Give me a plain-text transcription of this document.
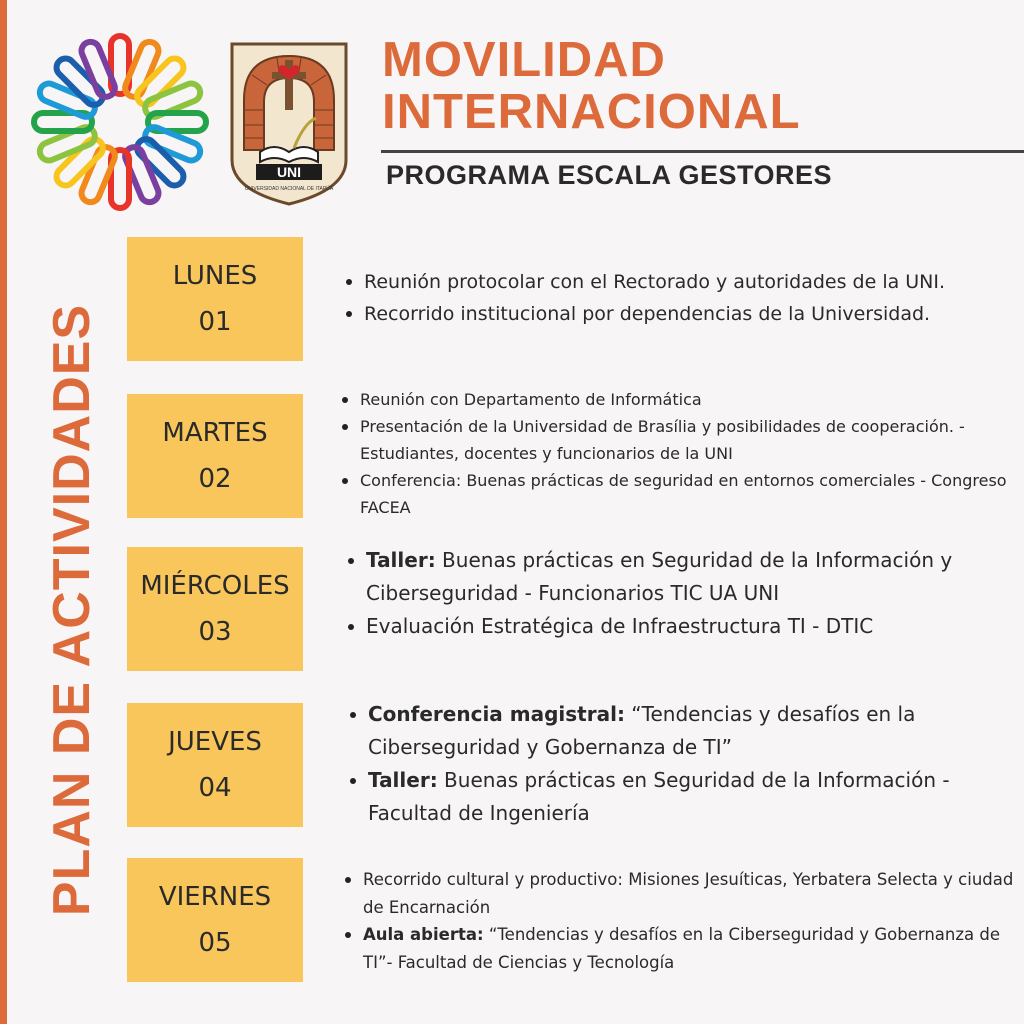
PLAN DE ACTIVIDADES
UNI
UNIVERSIDAD NACIONAL DE ITAPÚA
MOVILIDAD
INTERNACIONAL
PROGRAMA ESCALA GESTORES
LUNES
01
MARTES
02
MIÉRCOLES
03
JUEVES
04
VIERNES
05
Reunión protocolar con el Rectorado y autoridades de la UNI.
Recorrido institucional por dependencias de la Universidad.
Reunión con Departamento de Informática
Presentación de la Universidad de Brasília y posibilidades de cooperación. - Estudiantes, docentes y funcionarios de la UNI
Conferencia: Buenas prácticas de seguridad en entornos comerciales - Congreso FACEA
Taller: Buenas prácticas en Seguridad de la Información y Ciberseguridad - Funcionarios TIC UA UNI
Evaluación Estratégica de Infraestructura TI - DTIC
Conferencia magistral: “Tendencias y desafíos en la Ciberseguridad y Gobernanza de TI”
Taller: Buenas prácticas en Seguridad de la Información - Facultad de Ingeniería
Recorrido cultural y productivo: Misiones Jesuíticas, Yerbatera Selecta y ciudad de Encarnación
Aula abierta: “Tendencias y desafíos en la Ciberseguridad y Gobernanza de TI”- Facultad de Ciencias y Tecnología
